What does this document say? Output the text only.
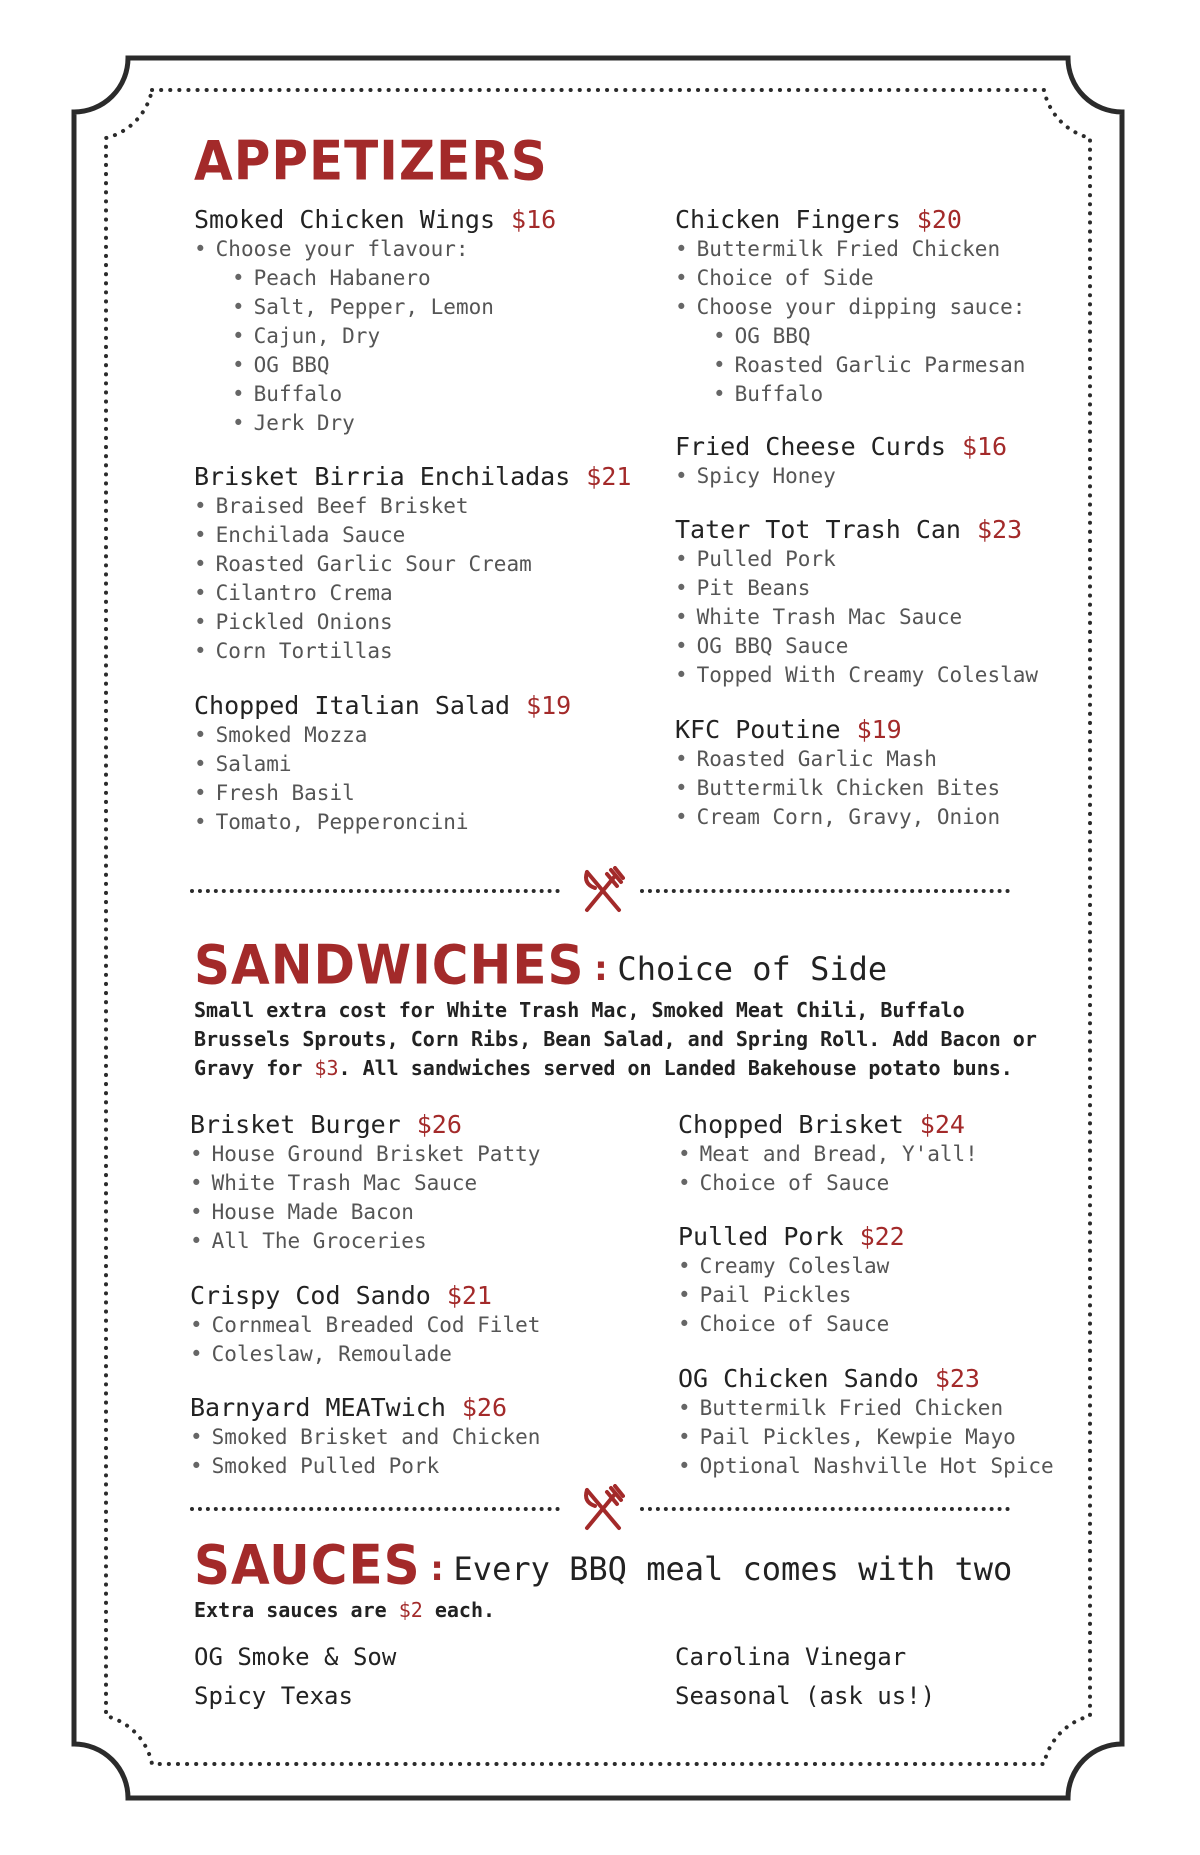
APPETIZERS
Smoked Chicken Wings $16
• Choose your flavour:
• Peach Habanero
• Salt, Pepper, Lemon
• Cajun, Dry
• OG BBQ
• Buffalo
• Jerk Dry
Brisket Birria Enchiladas $21
• Braised Beef Brisket
• Enchilada Sauce
• Roasted Garlic Sour Cream
• Cilantro Crema
• Pickled Onions
• Corn Tortillas
Chopped Italian Salad $19
• Smoked Mozza
• Salami
• Fresh Basil
• Tomato, Pepperoncini
Chicken Fingers $20
• Buttermilk Fried Chicken
• Choice of Side
• Choose your dipping sauce:
• OG BBQ
• Roasted Garlic Parmesan
• Buffalo
Fried Cheese Curds $16
• Spicy Honey
Tater Tot Trash Can $23
• Pulled Pork
• Pit Beans
• White Trash Mac Sauce
• OG BBQ Sauce
• Topped With Creamy Coleslaw
KFC Poutine $19
• Roasted Garlic Mash
• Buttermilk Chicken Bites
• Cream Corn, Gravy, Onion
SANDWICHES : Choice of Side
Small extra cost for White Trash Mac, Smoked Meat Chili, Buffalo
Brussels Sprouts, Corn Ribs, Bean Salad, and Spring Roll. Add Bacon or
Gravy for $3. All sandwiches served on Landed Bakehouse potato buns.
Brisket Burger $26
• House Ground Brisket Patty
• White Trash Mac Sauce
• House Made Bacon
• All The Groceries
Crispy Cod Sando $21
• Cornmeal Breaded Cod Filet
• Coleslaw, Remoulade
Barnyard MEATwich $26
• Smoked Brisket and Chicken
• Smoked Pulled Pork
Chopped Brisket $24
• Meat and Bread, Y'all!
• Choice of Sauce
Pulled Pork $22
• Creamy Coleslaw
• Pail Pickles
• Choice of Sauce
OG Chicken Sando $23
• Buttermilk Fried Chicken
• Pail Pickles, Kewpie Mayo
• Optional Nashville Hot Spice
SAUCES : Every BBQ meal comes with two
Extra sauces are $2 each.
OG Smoke & Sow
Spicy Texas
Carolina Vinegar
Seasonal (ask us!)
